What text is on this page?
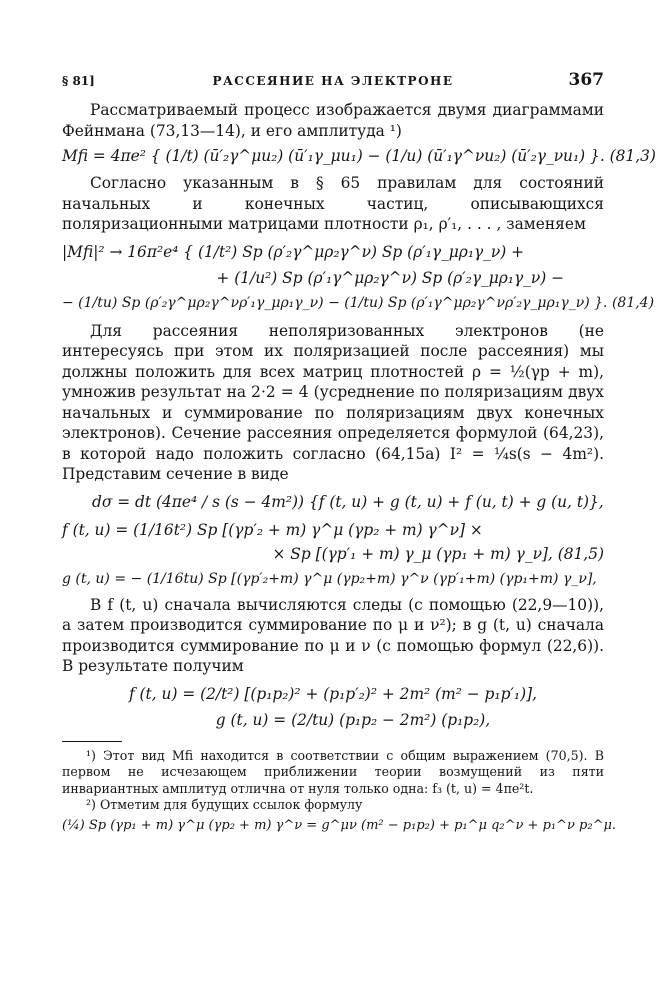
§ 81]	РАССЕЯНИЕ НА ЭЛЕКТРОНЕ	367

Рассматриваемый процесс изображается двумя диаграммами Фейнмана (73,13—14), и его амплитуда ¹)

Mfi = 4πe² { (1/t) (ū′₂γ^μu₂) (ū′₁γ_μu₁) − (1/u) (ū′₁γ^νu₂) (ū′₂γ_νu₁) }. (81,3)

Согласно указанным в § 65 правилам для состояний начальных и конечных частиц, описывающихся поляризационными матрицами плотности ρ₁, ρ′₁, . . . , заменяем

|Mfi|² → 16π²e⁴ { (1/t²) Sp (ρ′₂γ^μρ₂γ^ν) Sp (ρ′₁γ_μρ₁γ_ν) +

+ (1/u²) Sp (ρ′₁γ^μρ₂γ^ν) Sp (ρ′₂γ_μρ₁γ_ν) −

− (1/tu) Sp (ρ′₂γ^μρ₂γ^νρ′₁γ_μρ₁γ_ν) − (1/tu) Sp (ρ′₁γ^μρ₂γ^νρ′₂γ_μρ₁γ_ν) }. (81,4)

Для рассеяния неполяризованных электронов (не интересуясь при этом их поляризацией после рассеяния) мы должны положить для всех матриц плотностей ρ = ½(γp + m), умножив результат на 2·2 = 4 (усреднение по поляризациям двух начальных и суммирование по поляризациям двух конечных электронов). Сечение рассеяния определяется формулой (64,23), в которой надо положить согласно (64,15а) I² = ¼s(s − 4m²). Представим сечение в виде

dσ = dt (4πe⁴ / s (s − 4m²)) {f (t, u) + g (t, u) + f (u, t) + g (u, t)},

f (t, u) = (1/16t²) Sp [(γp′₂ + m) γ^μ (γp₂ + m) γ^ν] ×

× Sp [(γp′₁ + m) γ_μ (γp₁ + m) γ_ν], (81,5)

g (t, u) = − (1/16tu) Sp [(γp′₂+m) γ^μ (γp₂+m) γ^ν (γp′₁+m) (γp₁+m) γ_ν],

В f (t, u) сначала вычисляются следы (с помощью (22,9—10)), а затем производится суммирование по μ и ν²); в g (t, u) сначала производится суммирование по μ и ν (с помощью формул (22,6)). В результате получим

f (t, u) = (2/t²) [(p₁p₂)² + (p₁p′₂)² + 2m² (m² − p₁p′₁)],

g (t, u) = (2/tu) (p₁p₂ − 2m²) (p₁p₂),

¹) Этот вид Mfi находится в соответствии с общим выражением (70,5). В первом не исчезающем приближении теории возмущений из пяти инвариантных амплитуд отлична от нуля только одна: f₃ (t, u) = 4πe²t.

²) Отметим для будущих ссылок формулу

(¼) Sp (γp₁ + m) γ^μ (γp₂ + m) γ^ν = g^μν (m² − p₁p₂) + p₁^μ q₂^ν + p₁^ν p₂^μ.
